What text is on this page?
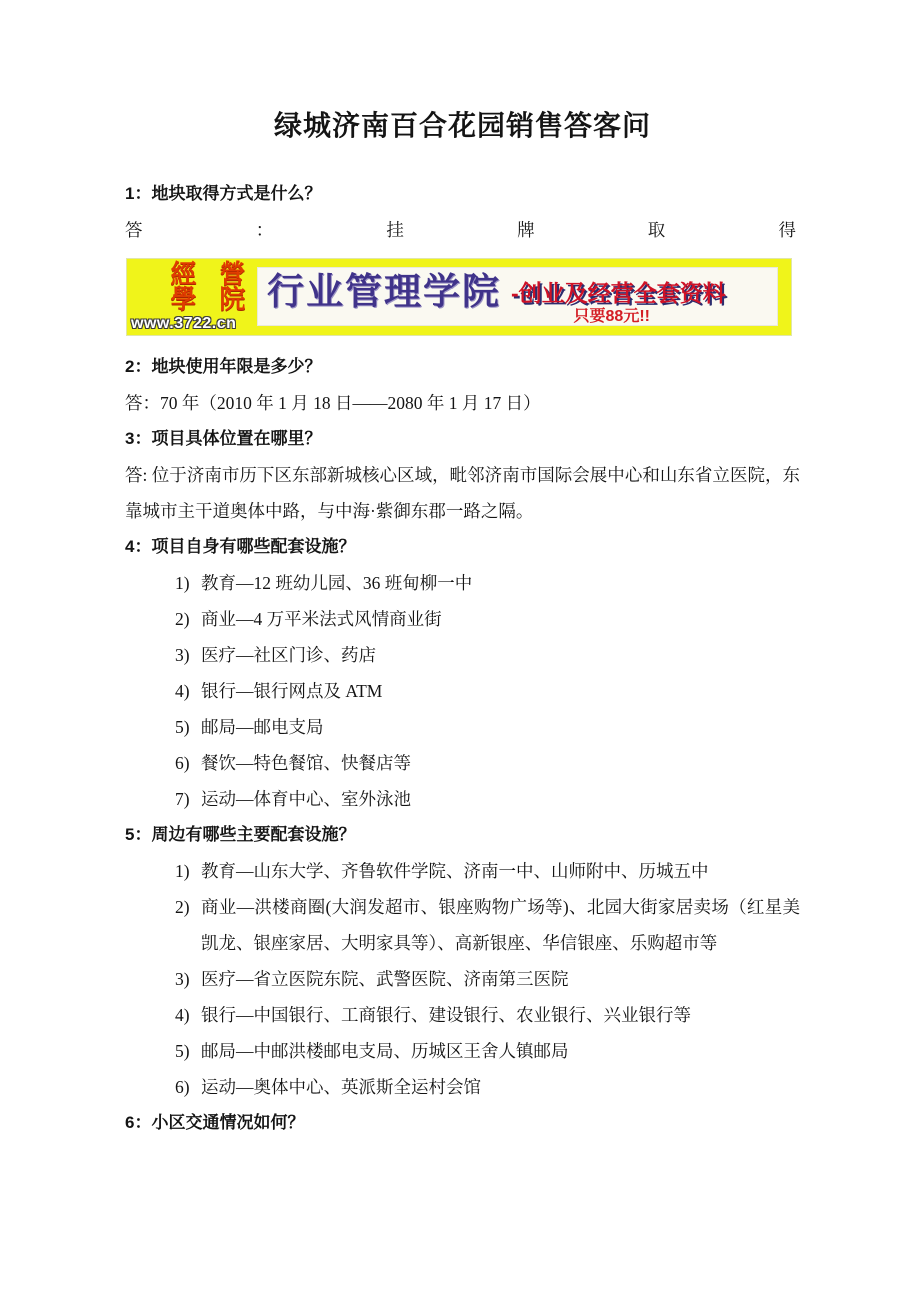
绿城济南百合花园销售答客问
1：地块取得方式是什么？
答	：	挂	牌	取	得
經 營
學 院
www.3722.cn
行业管理学院 -创业及经营全套资料
只要88元!!
2：地块使用年限是多少？
答：70 年（2010 年 1 月 18 日——2080 年 1 月 17 日）
3：项目具体位置在哪里？
答: 位于济南市历下区东部新城核心区域，毗邻济南市国际会展中心和山东省立医院，东靠城市主干道奥体中路，与中海·紫御东郡一路之隔。
4：项目自身有哪些配套设施？
1) 教育—12 班幼儿园、36 班甸柳一中
2) 商业—4 万平米法式风情商业街
3) 医疗—社区门诊、药店
4) 银行—银行网点及 ATM
5) 邮局—邮电支局
6) 餐饮—特色餐馆、快餐店等
7) 运动—体育中心、室外泳池
5：周边有哪些主要配套设施？
1) 教育—山东大学、齐鲁软件学院、济南一中、山师附中、历城五中
2) 商业—洪楼商圈(大润发超市、银座购物广场等)、北园大街家居卖场（红星美凯龙、银座家居、大明家具等）、高新银座、华信银座、乐购超市等
3) 医疗—省立医院东院、武警医院、济南第三医院
4) 银行—中国银行、工商银行、建设银行、农业银行、兴业银行等
5) 邮局—中邮洪楼邮电支局、历城区王舍人镇邮局
6) 运动—奥体中心、英派斯全运村会馆
6：小区交通情况如何？
